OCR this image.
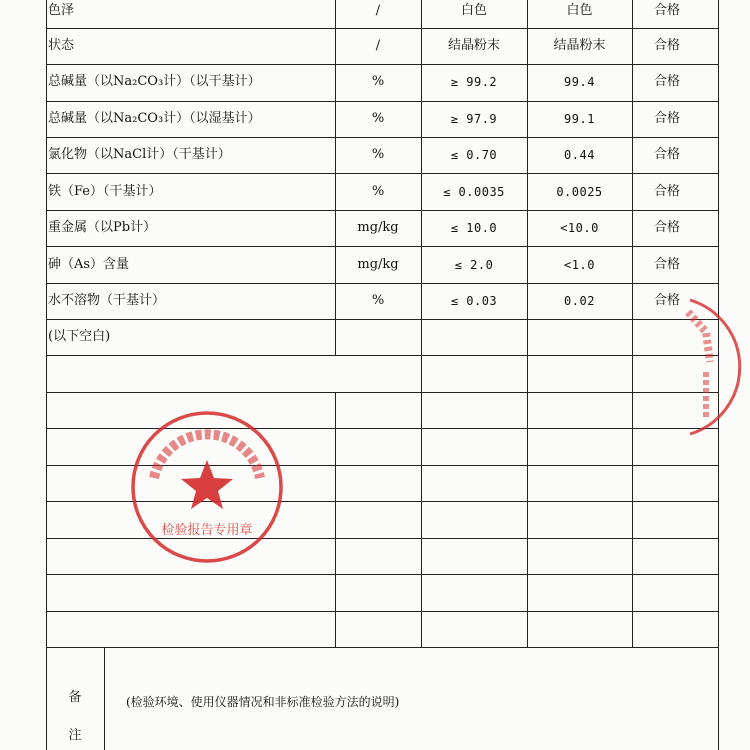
色泽	/	白色	白色	合格
状态	/	结晶粉末	结晶粉末	合格
总碱量（以Na₂CO₃计）（以干基计）	%	≥ 99.2	99.4	合格
总碱量（以Na₂CO₃计）（以湿基计）	%	≥ 97.9	99.1	合格
氯化物（以NaCl计）（干基计）	%	≤ 0.70	0.44	合格
铁（Fe）（干基计）	%	≤ 0.0035	0.0025	合格
重金属（以Pb计）	mg/kg	≤ 10.0	<10.0	合格
砷（As）含量	mg/kg	≤ 2.0	<1.0	合格
水不溶物（干基计）	%	≤ 0.03	0.02	合格
(以下空白)
备
注
(检验环境、使用仪器情况和非标准检验方法的说明)
检验报告专用章
